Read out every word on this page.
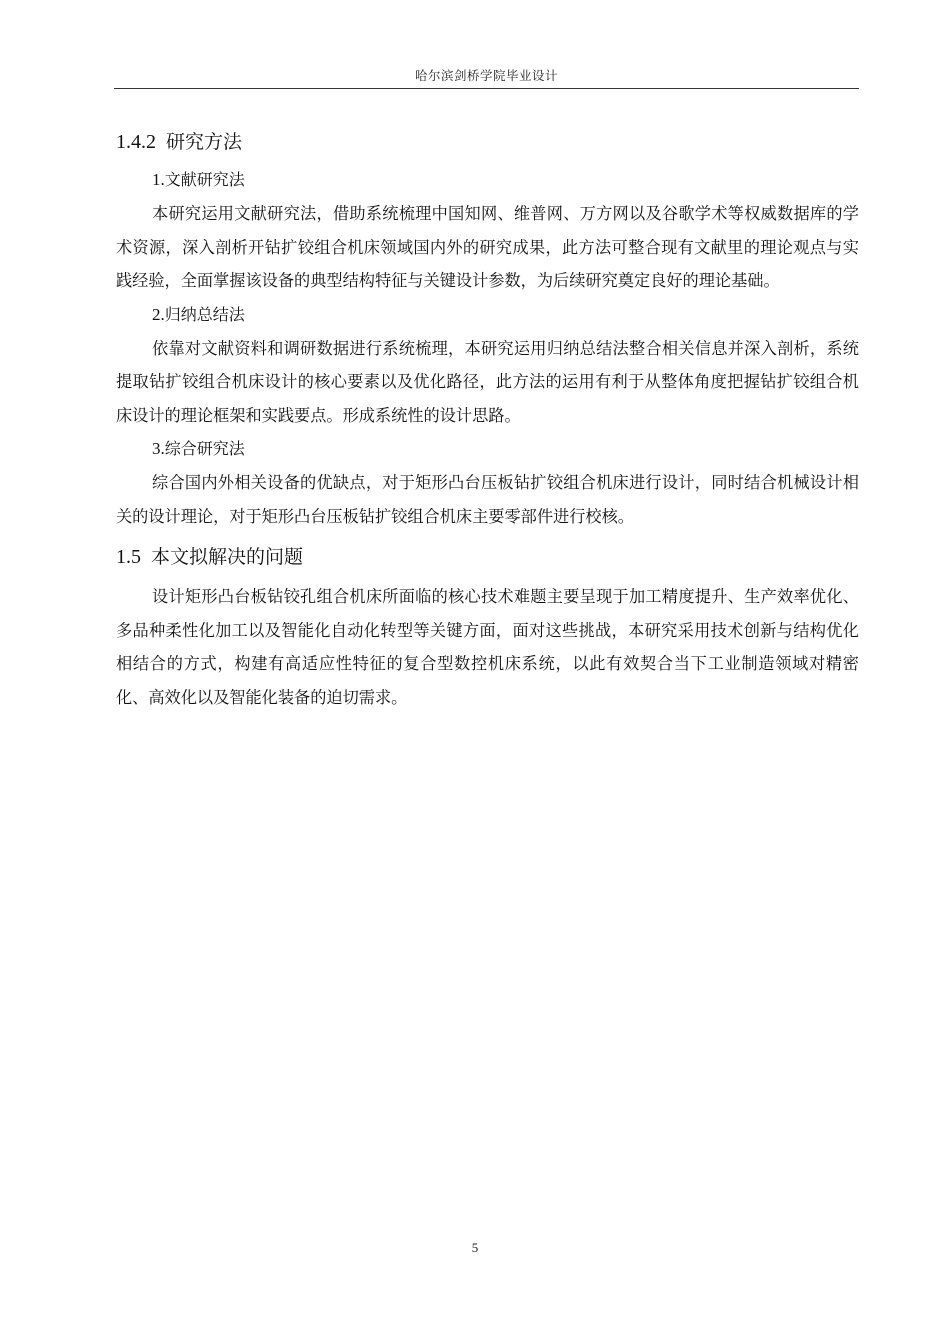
哈尔滨剑桥学院毕业设计
1.4.2 研究方法
1.文献研究法

本研究运用文献研究法，借助系统梳理中国知网、维普网、万方网以及谷歌学术等权威数据库的学术资源，深入剖析开钻扩铰组合机床领域国内外的研究成果，此方法可整合现有文献里的理论观点与实践经验，全面掌握该设备的典型结构特征与关键设计参数，为后续研究奠定良好的理论基础。

2.归纳总结法

依靠对文献资料和调研数据进行系统梳理，本研究运用归纳总结法整合相关信息并深入剖析，系统提取钻扩铰组合机床设计的核心要素以及优化路径，此方法的运用有利于从整体角度把握钻扩铰组合机床设计的理论框架和实践要点。形成系统性的设计思路。

3.综合研究法

综合国内外相关设备的优缺点，对于矩形凸台压板钻扩铰组合机床进行设计，同时结合机械设计相关的设计理论，对于矩形凸台压板钻扩铰组合机床主要零部件进行校核。

1.5 本文拟解决的问题

设计矩形凸台板钻铰孔组合机床所面临的核心技术难题主要呈现于加工精度提升、生产效率优化、多品种柔性化加工以及智能化自动化转型等关键方面，面对这些挑战，本研究采用技术创新与结构优化相结合的方式，构建有高适应性特征的复合型数控机床系统，以此有效契合当下工业制造领域对精密化、高效化以及智能化装备的迫切需求。

5
